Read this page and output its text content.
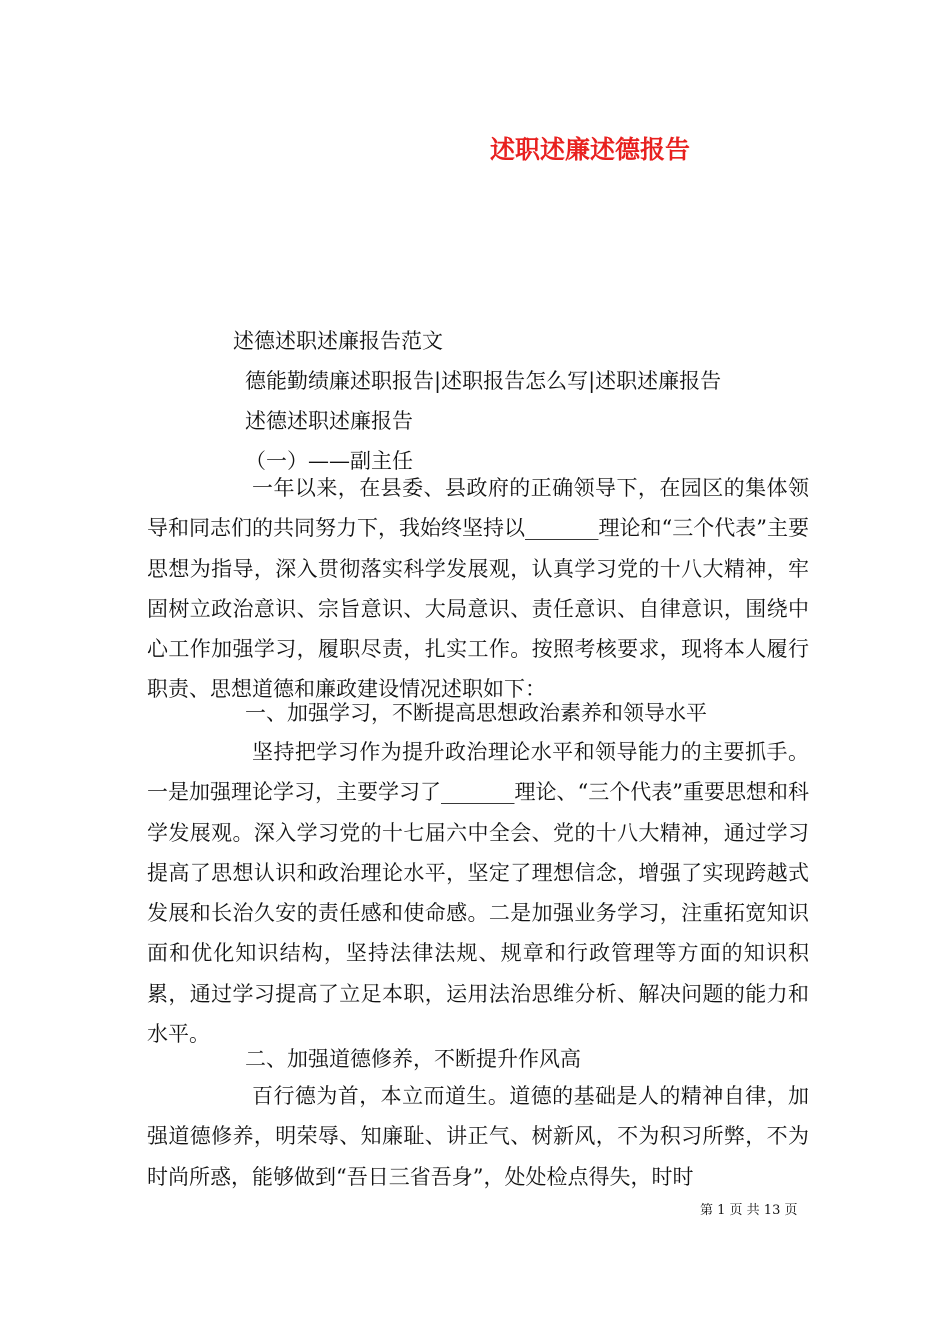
述职述廉述德报告
述德述职述廉报告范文
德能勤绩廉述职报告|述职报告怎么写|述职述廉报告
述德述职述廉报告
（一）——副主任
一年以来，在县委、县政府的正确领导下，在园区的集体领导和同志们的共同努力下，我始终坚持以_______理论和“三个代表”主要思想为指导，深入贯彻落实科学发展观，认真学习党的十八大精神，牢固树立政治意识、宗旨意识、大局意识、责任意识、自律意识，围绕中心工作加强学习，履职尽责，扎实工作。按照考核要求，现将本人履行职责、思想道德和廉政建设情况述职如下：
一、加强学习，不断提高思想政治素养和领导水平
坚持把学习作为提升政治理论水平和领导能力的主要抓手。一是加强理论学习，主要学习了_______理论、“三个代表”重要思想和科学发展观。深入学习党的十七届六中全会、党的十八大精神，通过学习提高了思想认识和政治理论水平，坚定了理想信念，增强了实现跨越式发展和长治久安的责任感和使命感。二是加强业务学习，注重拓宽知识面和优化知识结构，坚持法律法规、规章和行政管理等方面的知识积累，通过学习提高了立足本职，运用法治思维分析、解决问题的能力和水平。
二、加强道德修养，不断提升作风高
百行德为首，本立而道生。道德的基础是人的精神自律，加强道德修养，明荣辱、知廉耻、讲正气、树新风，不为积习所弊，不为时尚所惑，能够做到“吾日三省吾身”，处处检点得失，时时
第 1 页 共 13 页
